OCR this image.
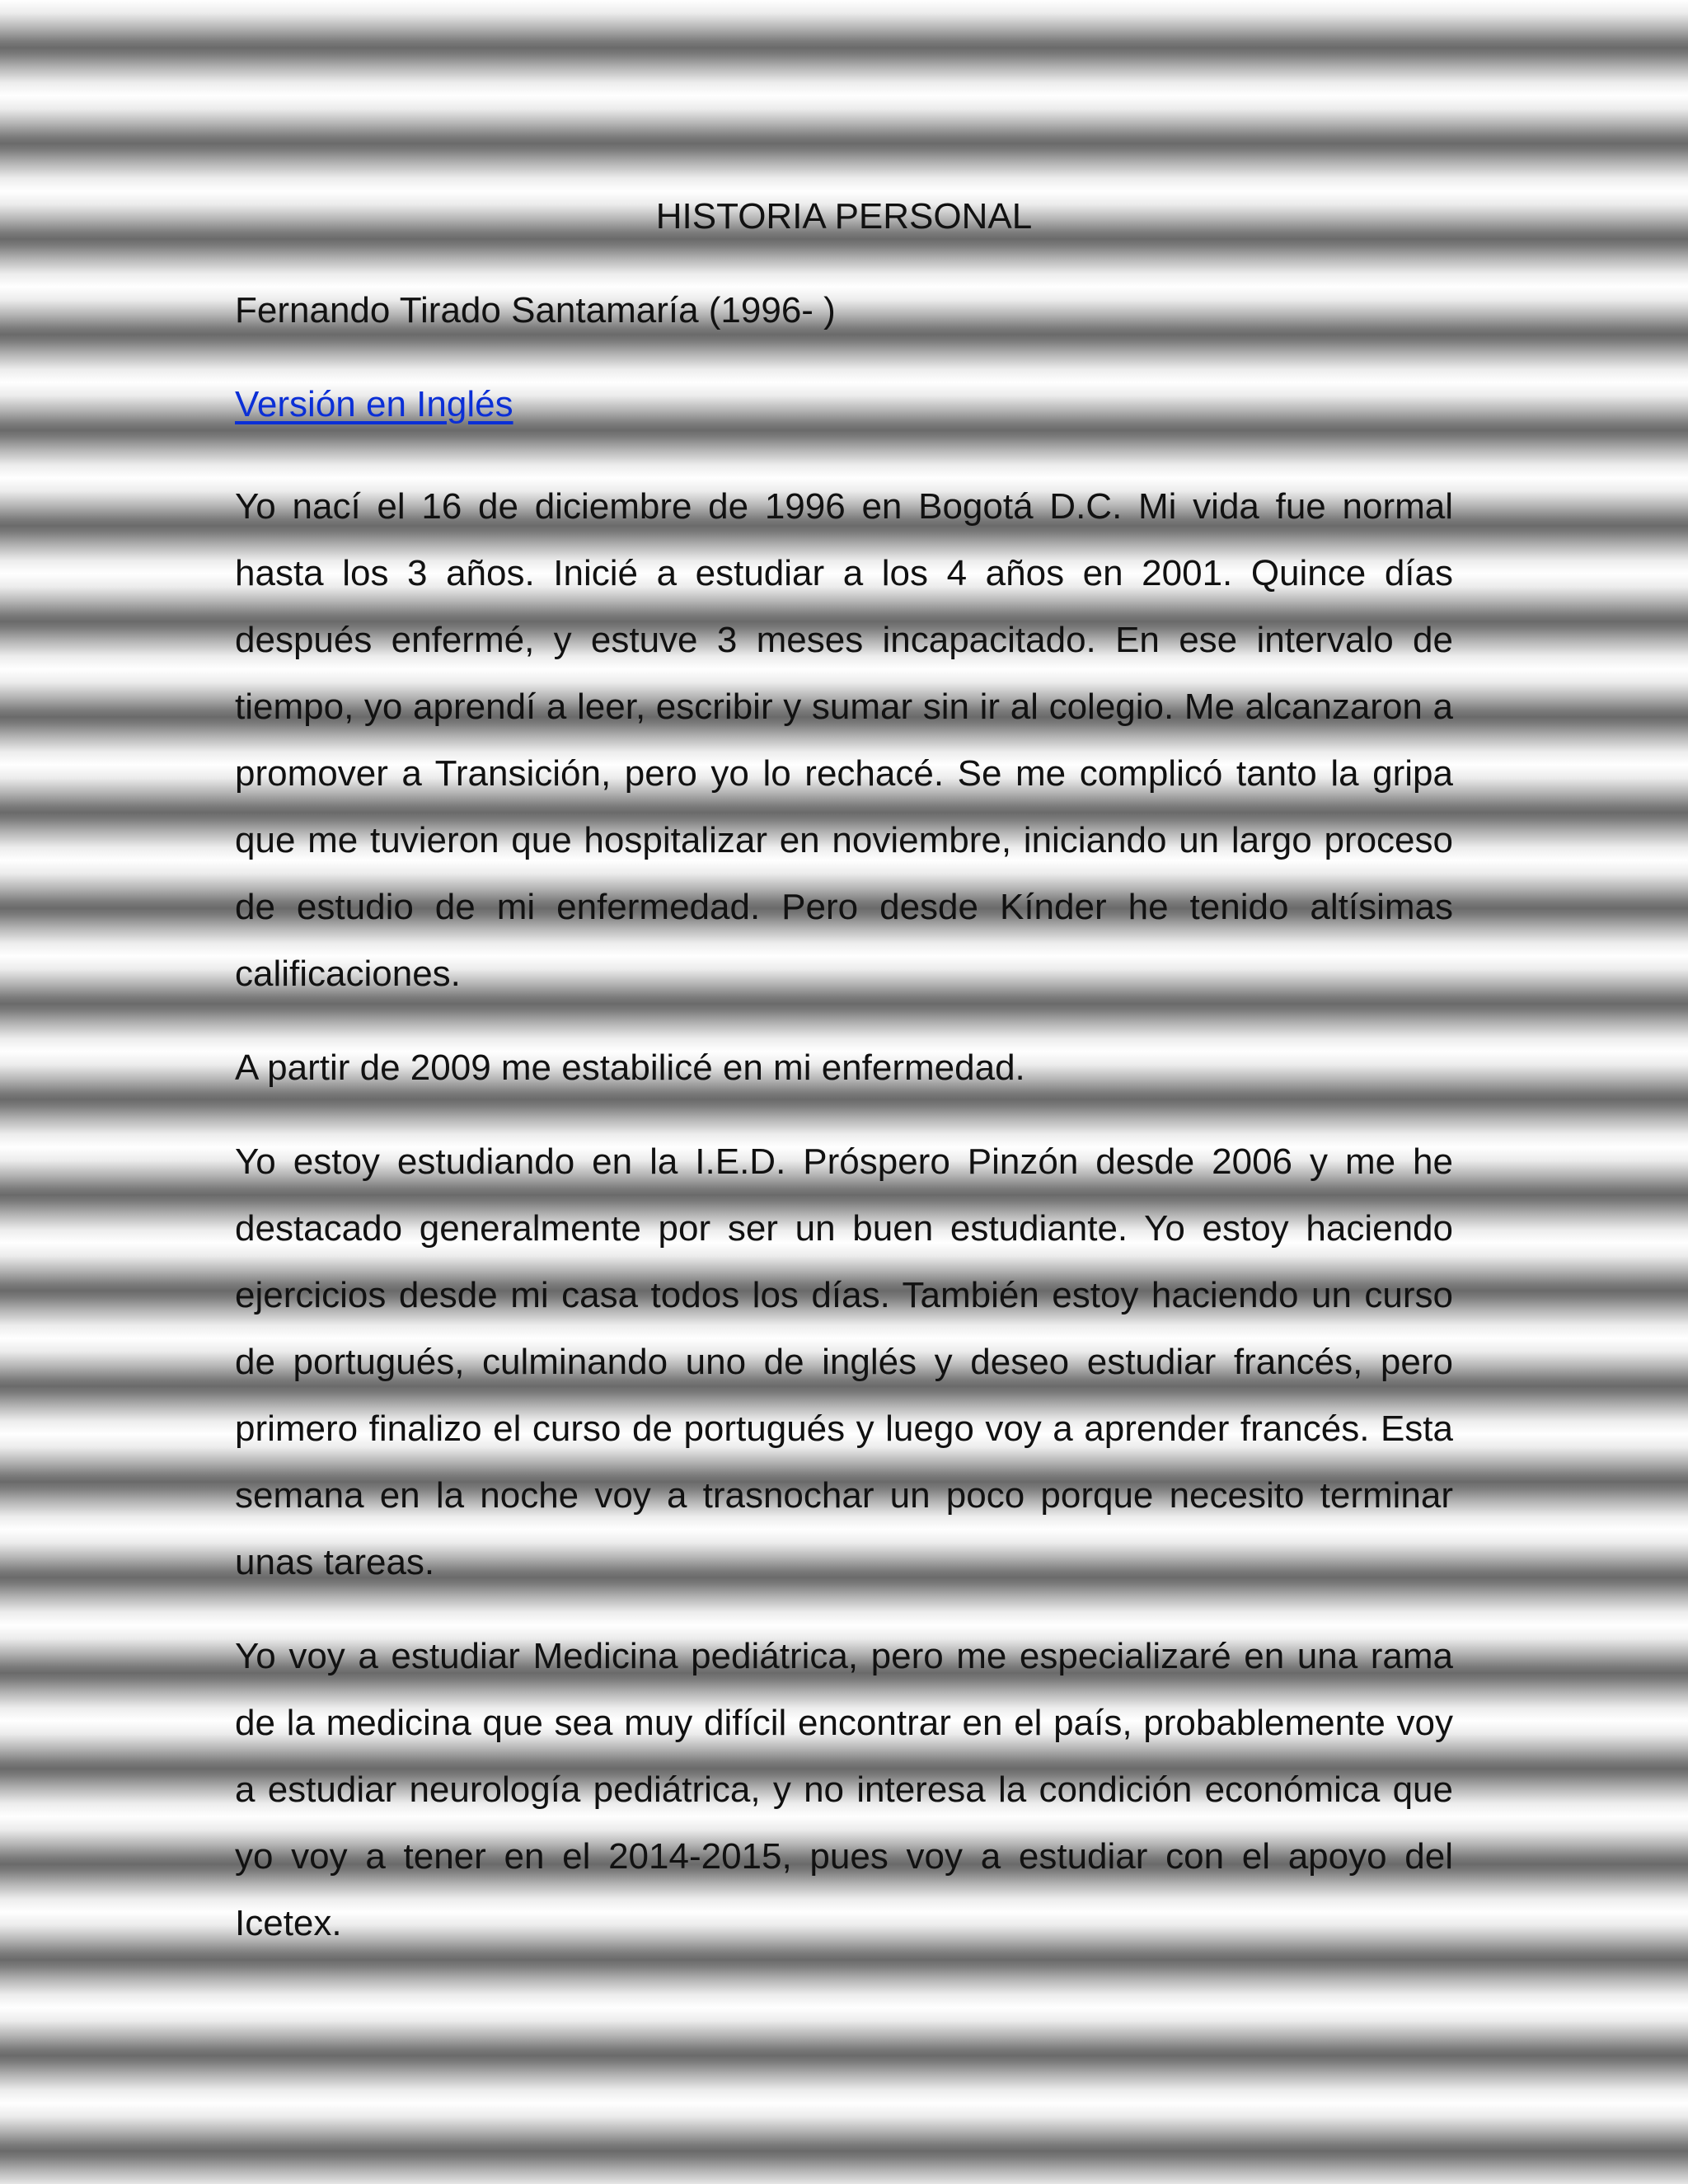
HISTORIA PERSONAL

Fernando Tirado Santamaría (1996- )

Versión en Inglés

Yo nací el 16 de diciembre de 1996 en Bogotá D.C. Mi vida fue normal hasta los 3 años. Inicié a estudiar a los 4 años en 2001. Quince días después enfermé, y estuve 3 meses incapacitado. En ese intervalo de tiempo, yo aprendí a leer, escribir y sumar sin ir al colegio. Me alcanzaron a promover a Transición, pero yo lo rechacé. Se me complicó tanto la gripa que me tuvieron que hospitalizar en noviembre, iniciando un largo proceso de estudio de mi enfermedad. Pero desde Kínder he tenido altísimas calificaciones.

A partir de 2009 me estabilicé en mi enfermedad.

Yo estoy estudiando en la I.E.D. Próspero Pinzón desde 2006 y me he destacado generalmente por ser un buen estudiante. Yo estoy haciendo ejercicios desde mi casa todos los días. También estoy haciendo un curso de portugués, culminando uno de inglés y deseo estudiar francés, pero primero finalizo el curso de portugués y luego voy a aprender francés. Esta semana en la noche voy a trasnochar un poco porque necesito terminar unas tareas.

Yo voy a estudiar Medicina pediátrica, pero me especializaré en una rama de la medicina que sea muy difícil encontrar en el país, probablemente voy a estudiar neurología pediátrica, y no interesa la condición económica que yo voy a tener en el 2014-2015, pues voy a estudiar con el apoyo del Icetex.
